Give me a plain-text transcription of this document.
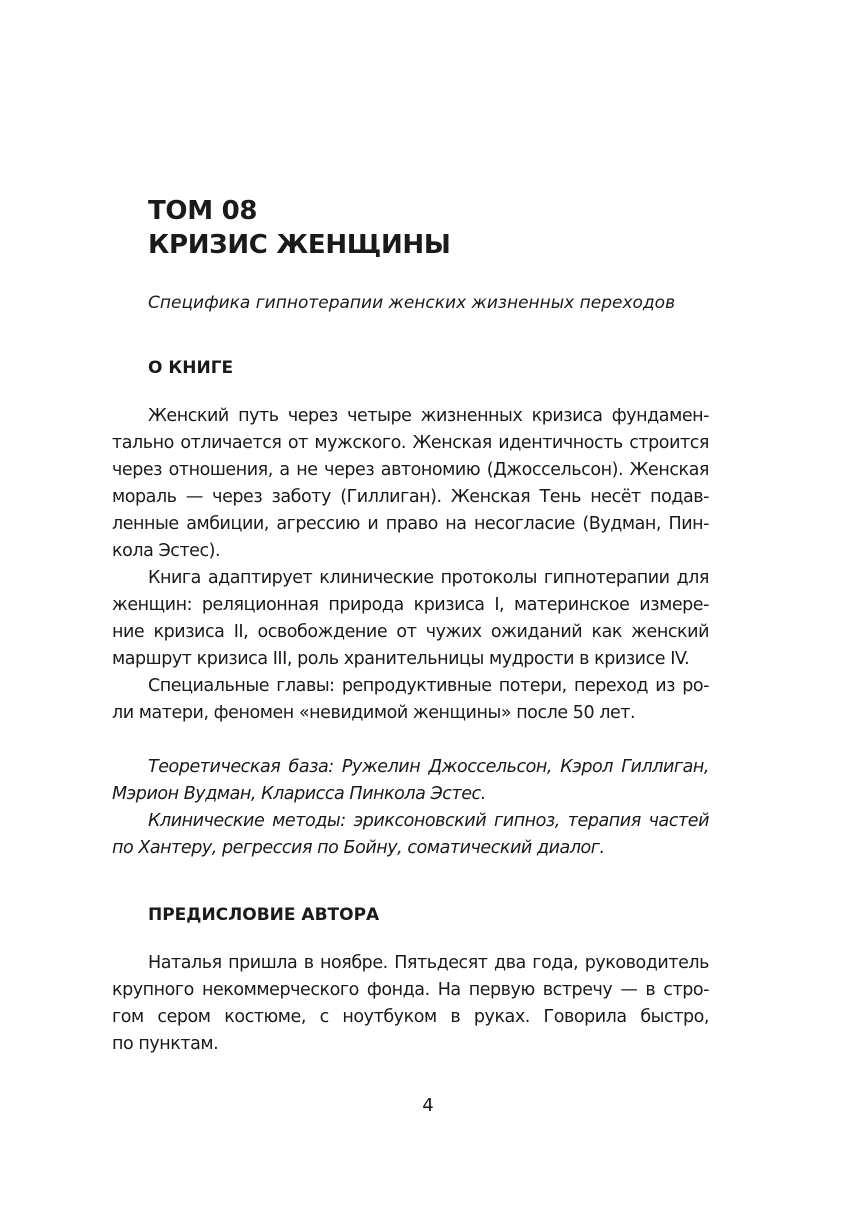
ТОМ 08
КРИЗИС ЖЕНЩИНЫ
Специфика гипнотерапии женских жизненных переходов
О КНИГЕ
Женский путь через четыре жизненных кризиса фундамен-
тально отличается от мужского. Женская идентичность строится
через отношения, а не через автономию (Джоссельсон). Женская
мораль — через заботу (Гиллиган). Женская Тень несёт подав-
ленные амбиции, агрессию и право на несогласие (Вудман, Пин-
кола Эстес).
Книга адаптирует клинические протоколы гипнотерапии для
женщин: реляционная природа кризиса I, материнское измере-
ние кризиса II, освобождение от чужих ожиданий как женский
маршрут кризиса III, роль хранительницы мудрости в кризисе IV.
Специальные главы: репродуктивные потери, переход из ро-
ли матери, феномен «невидимой женщины» после 50 лет.
Теоретическая база: Ружелин Джоссельсон, Кэрол Гиллиган,
Мэрион Вудман, Кларисса Пинкола Эстес.
Клинические методы: эриксоновский гипноз, терапия частей
по Хантеру, регрессия по Бойну, соматический диалог.
ПРЕДИСЛОВИЕ АВТОРА
Наталья пришла в ноябре. Пятьдесят два года, руководитель
крупного некоммерческого фонда. На первую встречу — в стро-
гом сером костюме, с ноутбуком в руках. Говорила быстро,
по пунктам.
4
